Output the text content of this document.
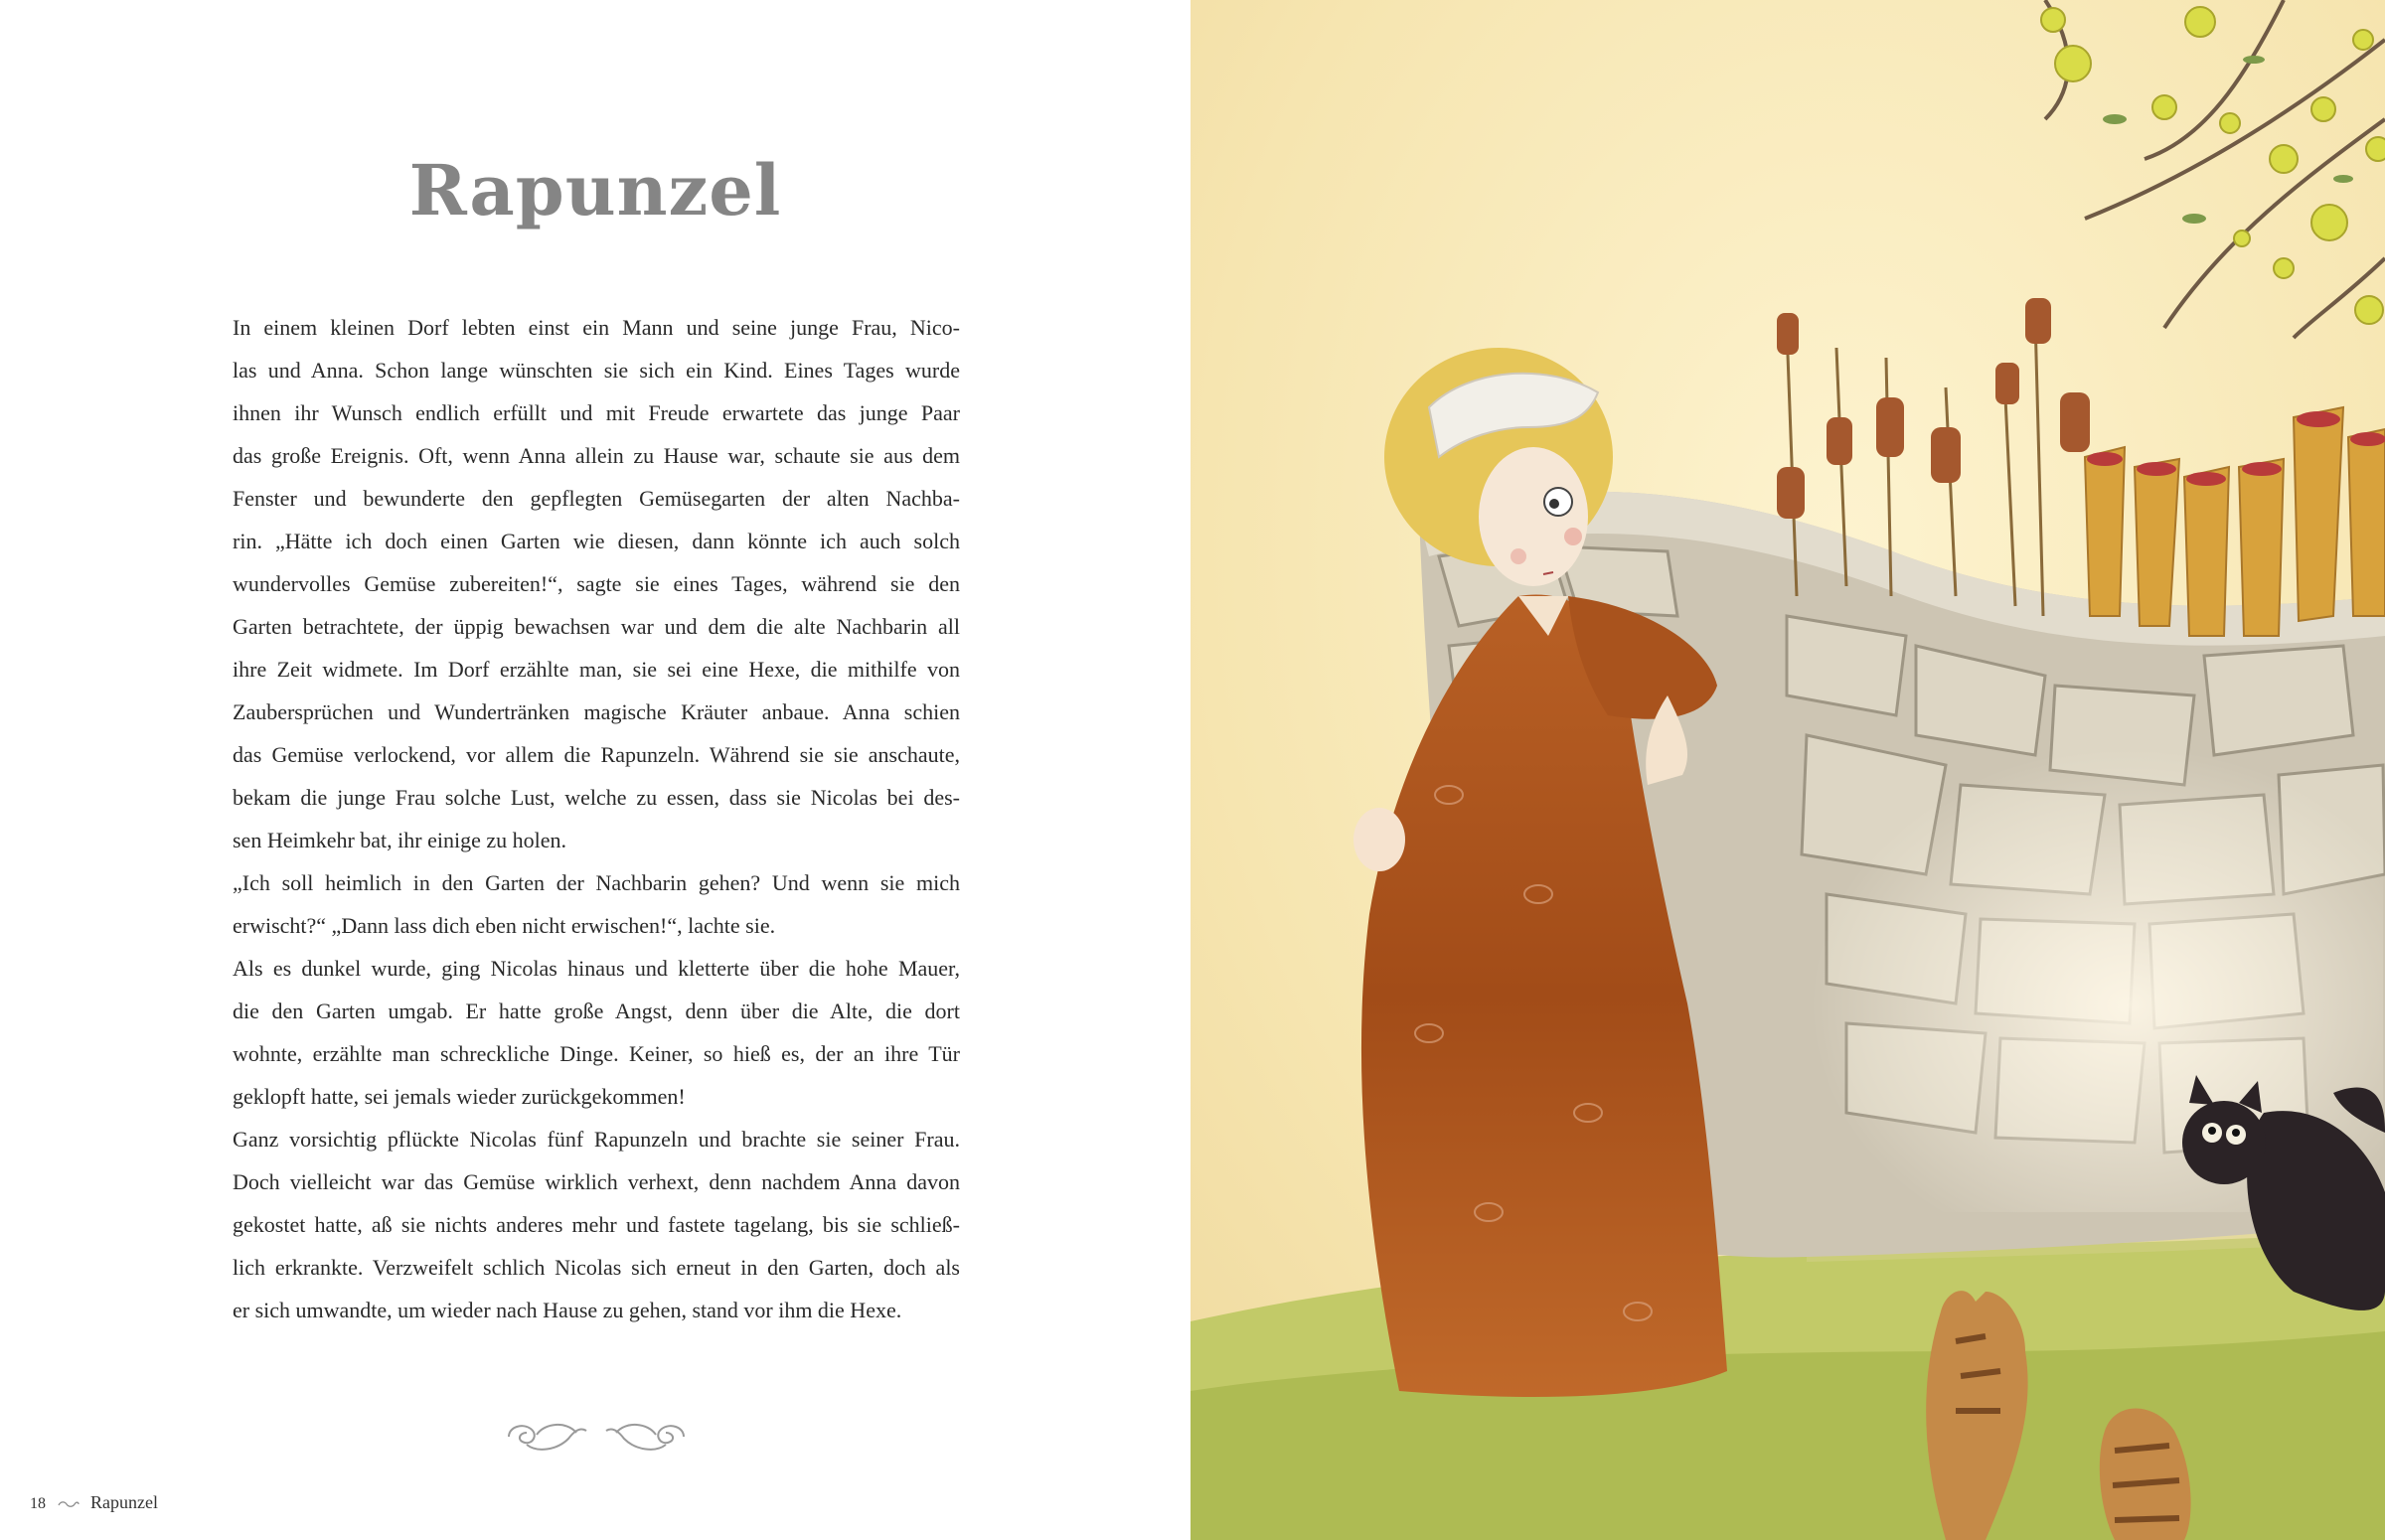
Rapunzel
In einem kleinen Dorf lebten einst ein Mann und seine junge Frau, Nico-
las und Anna. Schon lange wünschten sie sich ein Kind. Eines Tages wurde
ihnen ihr Wunsch endlich erfüllt und mit Freude erwartete das junge Paar
das große Ereignis. Oft, wenn Anna allein zu Hause war, schaute sie aus dem
Fenster und bewunderte den gepflegten Gemüsegarten der alten Nachba-
rin. „Hätte ich doch einen Garten wie diesen, dann könnte ich auch solch
wundervolles Gemüse zubereiten!“, sagte sie eines Tages, während sie den
Garten betrachtete, der üppig bewachsen war und dem die alte Nachbarin all
ihre Zeit widmete. Im Dorf erzählte man, sie sei eine Hexe, die mithilfe von
Zaubersprüchen und Wundertränken magische Kräuter anbaue. Anna schien
das Gemüse verlockend, vor allem die Rapunzeln. Während sie sie anschaute,
bekam die junge Frau solche Lust, welche zu essen, dass sie Nicolas bei des-
sen Heimkehr bat, ihr einige zu holen.
„Ich soll heimlich in den Garten der Nachbarin gehen? Und wenn sie mich
erwischt?“ „Dann lass dich eben nicht erwischen!“, lachte sie.
Als es dunkel wurde, ging Nicolas hinaus und kletterte über die hohe Mauer,
die den Garten umgab. Er hatte große Angst, denn über die Alte, die dort
wohnte, erzählte man schreckliche Dinge. Keiner, so hieß es, der an ihre Tür
geklopft hatte, sei jemals wieder zurückgekommen!
Ganz vorsichtig pflückte Nicolas fünf Rapunzeln und brachte sie seiner Frau.
Doch vielleicht war das Gemüse wirklich verhext, denn nachdem Anna davon
gekostet hatte, aß sie nichts anderes mehr und fastete tagelang, bis sie schließ-
lich erkrankte. Verzweifelt schlich Nicolas sich erneut in den Garten, doch als
er sich umwandte, um wieder nach Hause zu gehen, stand vor ihm die Hexe.
18	Rapunzel
